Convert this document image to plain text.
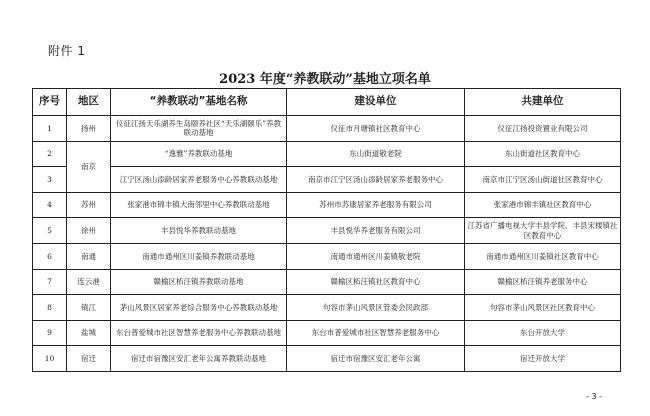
附件 1
2023 年度“养教联动”基地立项名单
序号	地区	“养教联动”基地名称	建设单位	共建单位
1	扬州	仪征江扬天乐湖养生岛颐养社区“天乐湖颐乐”养教联动基地	仪征市月塘镇社区教育中心	仪征江扬投资置业有限公司
2	南京	“逸雅”养教联动基地	东山街道敬老院	东山街道社区教育中心
3		江宁区汤山添龄居家养老服务中心养教联动基地	南京市江宁区汤山添龄居家养老服务中心	南京市江宁区汤山街道社区教育中心
4	苏州	张家港市锦丰镇大南邻里中心养教联动基地	苏州市苏康居家养老服务有限公司	张家港市锦丰镇社区教育中心
5	徐州	丰县悦华养教联动基地	丰县悦华养老服务有限公司	江苏省广播电视大学丰县学院、丰县宋楼镇社区教育中心
6	南通	南通市通州区川姜镇养教联动基地	南通市通州区川姜镇敬老院	南通市通州区川姜镇社区教育中心
7	连云港	赣榆区柘汪镇养教联动基地	赣榆区柘汪镇社区教育中心	赣榆区柘汪镇养老服务中心
8	镇江	茅山风景区居家养老综合服务中心养教联动基地	句容市茅山风景区管委会民政部	句容市茅山风景区社区教育中心
9	盐城	东台普爱城市社区智慧养老服务中心养教联动基地	东台市普爱城市社区智慧养老服务中心	东台开放大学
10	宿迁	宿迁市宿豫区安汇老年公寓养教联动基地	宿迁市宿豫区安汇老年公寓	宿迁开放大学
- 3 -
